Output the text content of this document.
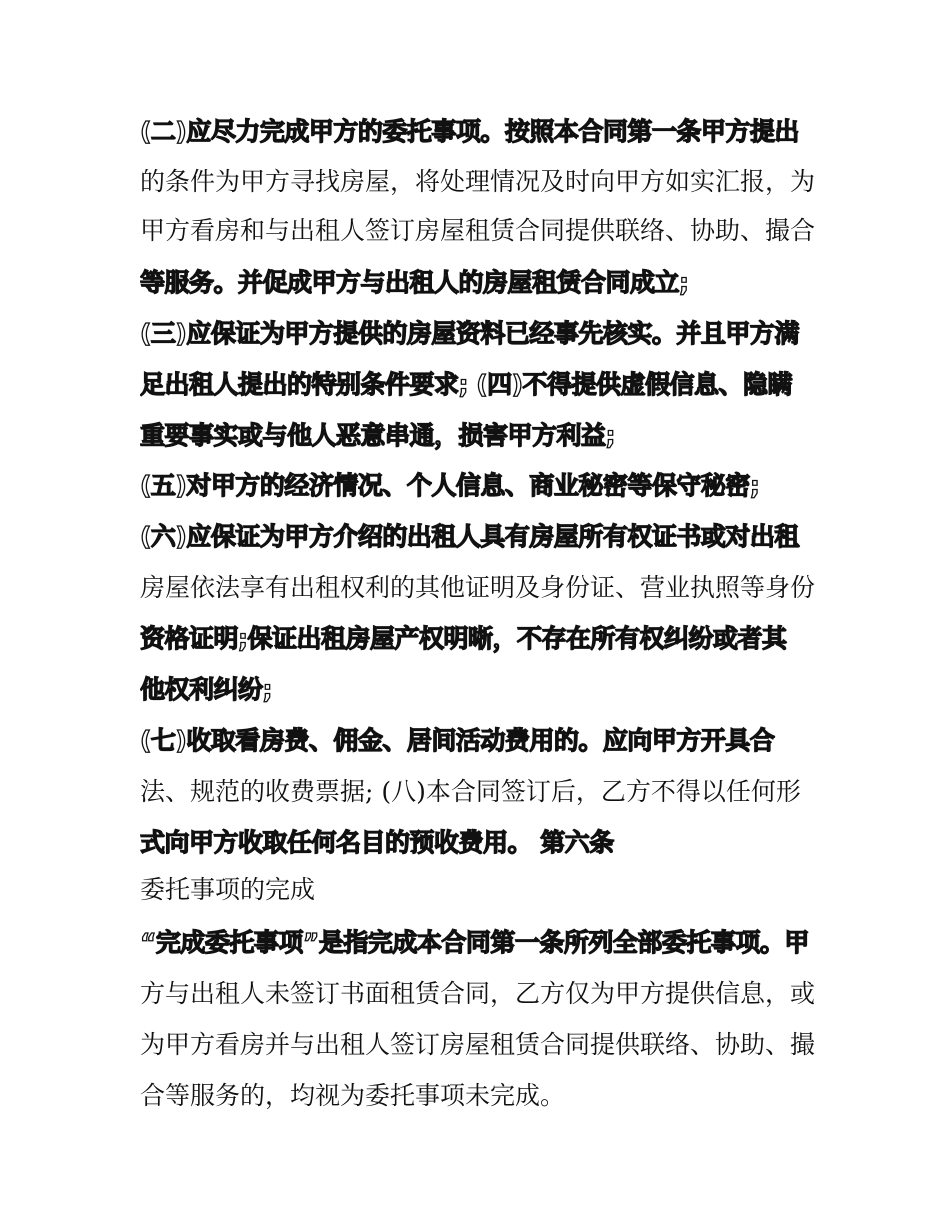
(二)应尽力完成甲方的委托事项。按照本合同第一条甲方提出
的条件为甲方寻找房屋，将处理情况及时向甲方如实汇报，为
甲方看房和与出租人签订房屋租赁合同提供联络、协助、撮合
等服务。并促成甲方与出租人的房屋租赁合同成立;
(三)应保证为甲方提供的房屋资料已经事先核实。并且甲方满
足出租人提出的特别条件要求; (四)不得提供虚假信息、隐瞒
重要事实或与他人恶意串通，损害甲方利益;
(五)对甲方的经济情况、个人信息、商业秘密等保守秘密;
(六)应保证为甲方介绍的出租人具有房屋所有权证书或对出租
房屋依法享有出租权利的其他证明及身份证、营业执照等身份
资格证明;保证出租房屋产权明晰，不存在所有权纠纷或者其
他权利纠纷;
(七)收取看房费、佣金、居间活动费用的。应向甲方开具合
法、规范的收费票据; (八)本合同签订后，乙方不得以任何形
式向甲方收取任何名目的预收费用。 第六条
委托事项的完成
“完成委托事项”是指完成本合同第一条所列全部委托事项。甲
方与出租人未签订书面租赁合同，乙方仅为甲方提供信息，或
为甲方看房并与出租人签订房屋租赁合同提供联络、协助、撮
合等服务的，均视为委托事项未完成。
